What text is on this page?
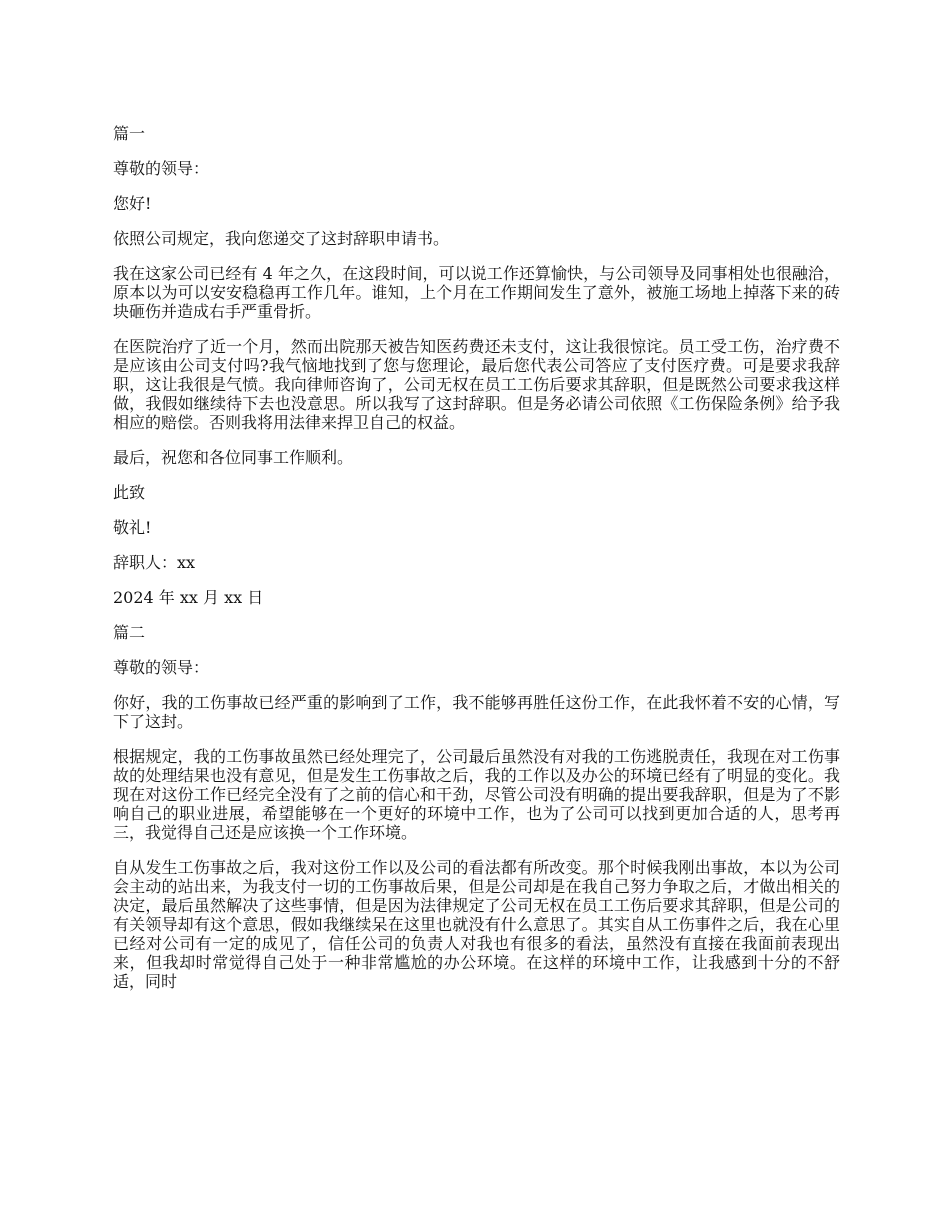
篇一

尊敬的领导：

您好!

依照公司规定，我向您递交了这封辞职申请书。

我在这家公司已经有 4 年之久，在这段时间，可以说工作还算愉快，与公司领导及同事相处也很融洽，原本以为可以安安稳稳再工作几年。谁知，上个月在工作期间发生了意外，被施工场地上掉落下来的砖块砸伤并造成右手严重骨折。

在医院治疗了近一个月，然而出院那天被告知医药费还未支付，这让我很惊诧。员工受工伤，治疗费不是应该由公司支付吗?我气恼地找到了您与您理论，最后您代表公司答应了支付医疗费。可是要求我辞职，这让我很是气愤。我向律师咨询了，公司无权在员工工伤后要求其辞职，但是既然公司要求我这样做，我假如继续待下去也没意思。所以我写了这封辞职。但是务必请公司依照《工伤保险条例》给予我相应的赔偿。否则我将用法律来捍卫自己的权益。

最后，祝您和各位同事工作顺利。

此致

敬礼!

辞职人：xx

2024 年 xx 月 xx 日

篇二

尊敬的领导：

你好，我的工伤事故已经严重的影响到了工作，我不能够再胜任这份工作，在此我怀着不安的心情，写下了这封。

根据规定，我的工伤事故虽然已经处理完了，公司最后虽然没有对我的工伤逃脱责任，我现在对工伤事故的处理结果也没有意见，但是发生工伤事故之后，我的工作以及办公的环境已经有了明显的变化。我现在对这份工作已经完全没有了之前的信心和干劲，尽管公司没有明确的提出要我辞职，但是为了不影响自己的职业进展，希望能够在一个更好的环境中工作，也为了公司可以找到更加合适的人，思考再三，我觉得自己还是应该换一个工作环境。

自从发生工伤事故之后，我对这份工作以及公司的看法都有所改变。那个时候我刚出事故，本以为公司会主动的站出来，为我支付一切的工伤事故后果，但是公司却是在我自己努力争取之后，才做出相关的决定，最后虽然解决了这些事情，但是因为法律规定了公司无权在员工工伤后要求其辞职，但是公司的有关领导却有这个意思，假如我继续呆在这里也就没有什么意思了。其实自从工伤事件之后，我在心里已经对公司有一定的成见了，信任公司的负责人对我也有很多的看法，虽然没有直接在我面前表现出来，但我却时常觉得自己处于一种非常尴尬的办公环境。在这样的环境中工作，让我感到十分的不舒适，同时
